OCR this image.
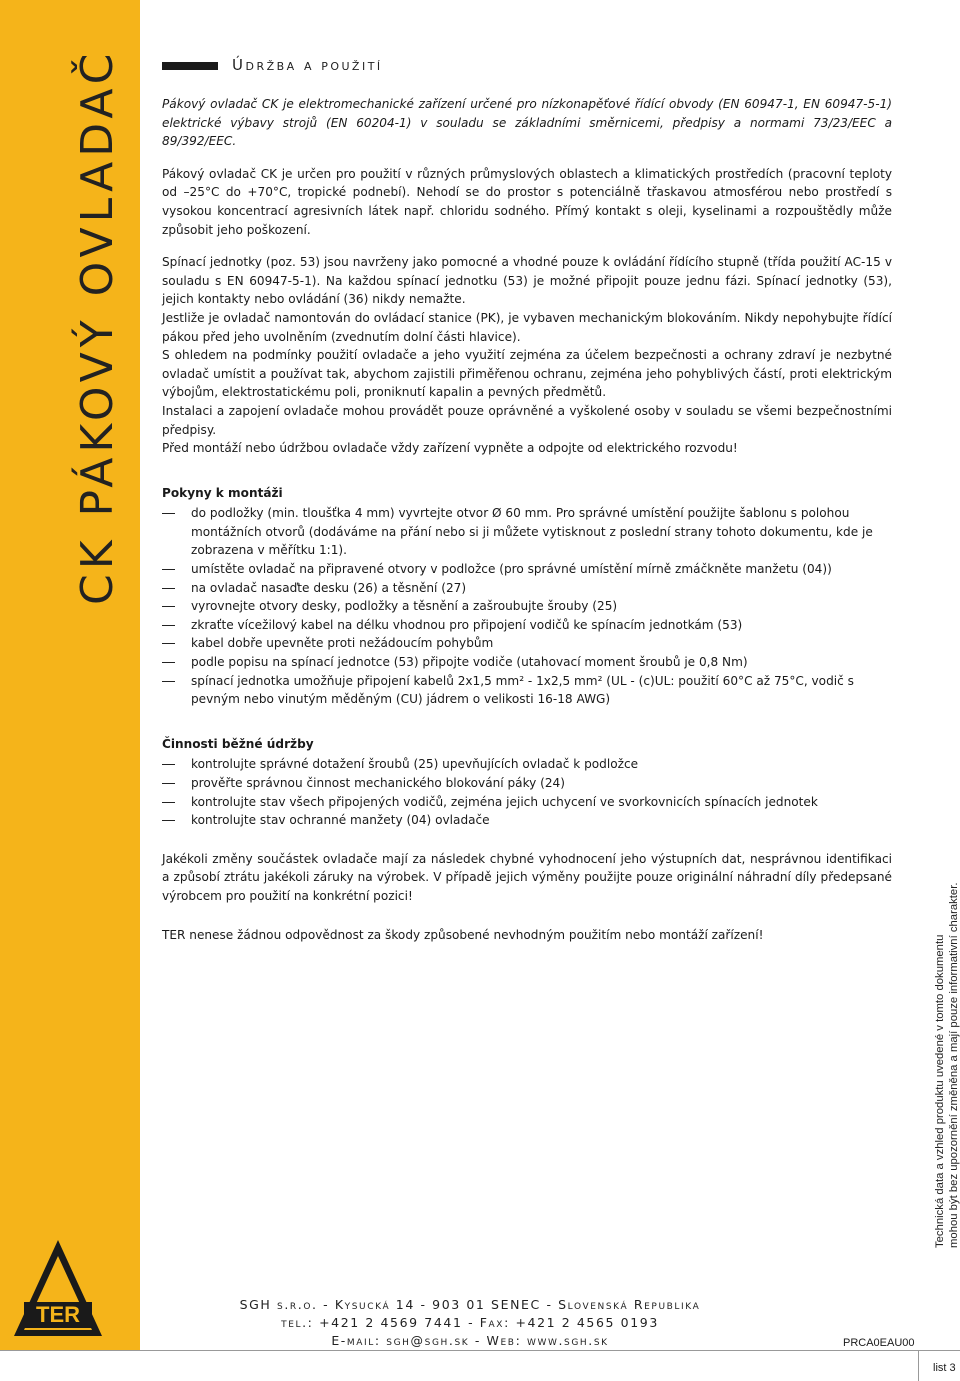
CK PÁKOVÝ OVLADAČ
TER
Údržba a použití

Pákový ovladač CK je elektromechanické zařízení určené pro nízkonapěťové řídící obvody (EN 60947-1, EN 60947-5-1) elektrické výbavy strojů (EN 60204-1) v souladu se základními směrnicemi, předpisy a normami 73/23/EEC a 89/392/EEC.

Pákový ovladač CK je určen pro použití v různých průmyslových oblastech a klimatických prostředích (pracovní teploty od –25°C do +70°C, tropické podnebí). Nehodí se do prostor s potenciálně třaskavou atmosférou nebo prostředí s vysokou koncentrací agresivních látek např. chloridu sodného. Přímý kontakt s oleji, kyselinami a rozpouštědly může způsobit jeho poškození.

Spínací jednotky (poz. 53) jsou navrženy jako pomocné a vhodné pouze k ovládání řídícího stupně (třída použití AC-15 v souladu s EN 60947-5-1). Na každou spínací jednotku (53) je možné připojit pouze jednu fázi. Spínací jednotky (53), jejich kontakty nebo ovládání (36) nikdy nemažte.

Jestliže je ovladač namontován do ovládací stanice (PK), je vybaven mechanickým blokováním. Nikdy nepohybujte řídící pákou před jeho uvolněním (zvednutím dolní části hlavice).

S ohledem na podmínky použití ovladače a jeho využití zejména za účelem bezpečnosti a ochrany zdraví je nezbytné ovladač umístit a používat tak, abychom zajistili přiměřenou ochranu, zejména jeho pohyblivých částí, proti elektrickým výbojům, elektrostatickému poli, proniknutí kapalin a pevných předmětů.

Instalaci a zapojení ovladače mohou provádět pouze oprávněné a vyškolené osoby v souladu se všemi bezpečnostními předpisy.

Před montáží nebo údržbou ovladače vždy zařízení vypněte a odpojte od elektrického rozvodu!

Pokyny k montáži
do podložky (min. tloušťka 4 mm) vyvrtejte otvor Ø 60 mm. Pro správné umístění použijte šablonu s polohou montážních otvorů (dodáváme na přání nebo si ji můžete vytisknout z poslední strany tohoto dokumentu, kde je zobrazena v měřítku 1:1).
umístěte ovladač na připravené otvory v podložce (pro správné umístění mírně zmáčkněte manžetu (04))
na ovladač nasaďte desku (26) a těsnění (27)
vyrovnejte otvory desky, podložky a těsnění a zašroubujte šrouby (25)
zkraťte vícežilový kabel na délku vhodnou pro připojení vodičů ke spínacím jednotkám (53)
kabel dobře upevněte proti nežádoucím pohybům
podle popisu na spínací jednotce (53) připojte vodiče (utahovací moment šroubů je 0,8 Nm)
spínací jednotka umožňuje připojení kabelů 2x1,5 mm² - 1x2,5 mm² (UL - (c)UL: použití 60°C až 75°C, vodič s pevným nebo vinutým měděným (CU) jádrem o velikosti 16-18 AWG)
Činnosti běžné údržby
kontrolujte správné dotažení šroubů (25) upevňujících ovladač k podložce
prověřte správnou činnost mechanického blokování páky (24)
kontrolujte stav všech připojených vodičů, zejména jejich uchycení ve svorkovnicích spínacích jednotek
kontrolujte stav ochranné manžety (04) ovladače

Jakékoli změny součástek ovladače mají za následek chybné vyhodnocení jeho výstupních dat, nesprávnou identifikaci a způsobí ztrátu jakékoli záruky na výrobek. V případě jejich výměny použijte pouze originální náhradní díly předepsané výrobcem pro použití na konkrétní pozici!

TER nenese žádnou odpovědnost za škody způsobené nevhodným použitím nebo montáží zařízení!

Technická data a vzhled produktu uvedené v tomto dokumentu mohou být bez upozornění změněna a mají pouze informativní charakter.
SGH s.r.o. - Kysucká 14 - 903 01 SENEC - Slovenská Republika
tel.: +421 2 4569 7441 - Fax: +421 2 4565 0193
E-mail: sgh@sgh.sk - Web: www.sgh.sk	PRCA0EAU00
list 3
